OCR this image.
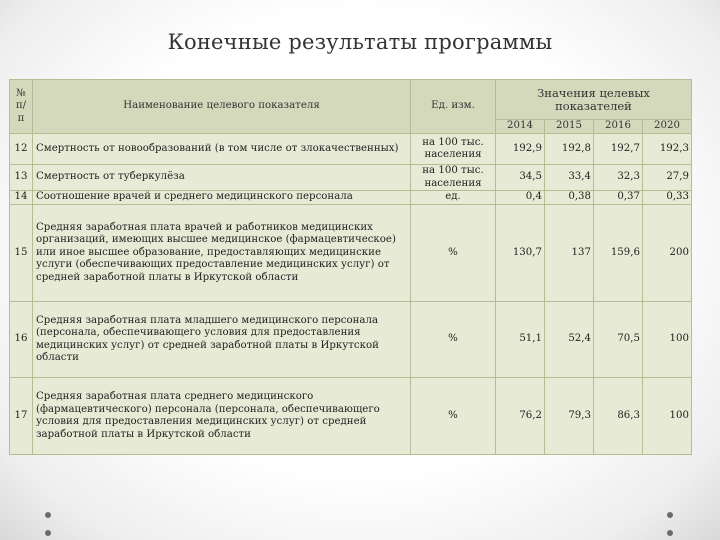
Конечные результаты программы
№ п/п	Наименование целевого показателя	Ед. изм.	Значения целевых показателей			
			2014	2015	2016	2020
12	Смертность от новообразований (в том числе от злокачественных)	на 100 тыс. населения	192,9	192,8	192,7	192,3
13	Смертность от туберкулёза	на 100 тыс. населения	34,5	33,4	32,3	27,9
14	Соотношение врачей и среднего медицинского персонала	ед.	0,4	0,38	0,37	0,33
15	Средняя заработная плата врачей и работников медицинских организаций, имеющих высшее медицинское (фармацевтическое) или иное высшее образование, предоставляющих медицинские услуги (обеспечивающих предоставление медицинских услуг) от средней заработной платы в Иркутской области	%	130,7	137	159,6	200
16	Средняя заработная плата младшего медицинского персонала (персонала, обеспечивающего условия для предоставления медицинских услуг) от средней заработной платы в Иркутской области	%	51,1	52,4	70,5	100
17	Средняя заработная плата среднего медицинского (фармацевтического) персонала (персонала, обеспечивающего условия для предоставления медицинских услуг) от средней заработной платы в Иркутской области	%	76,2	79,3	86,3	100
